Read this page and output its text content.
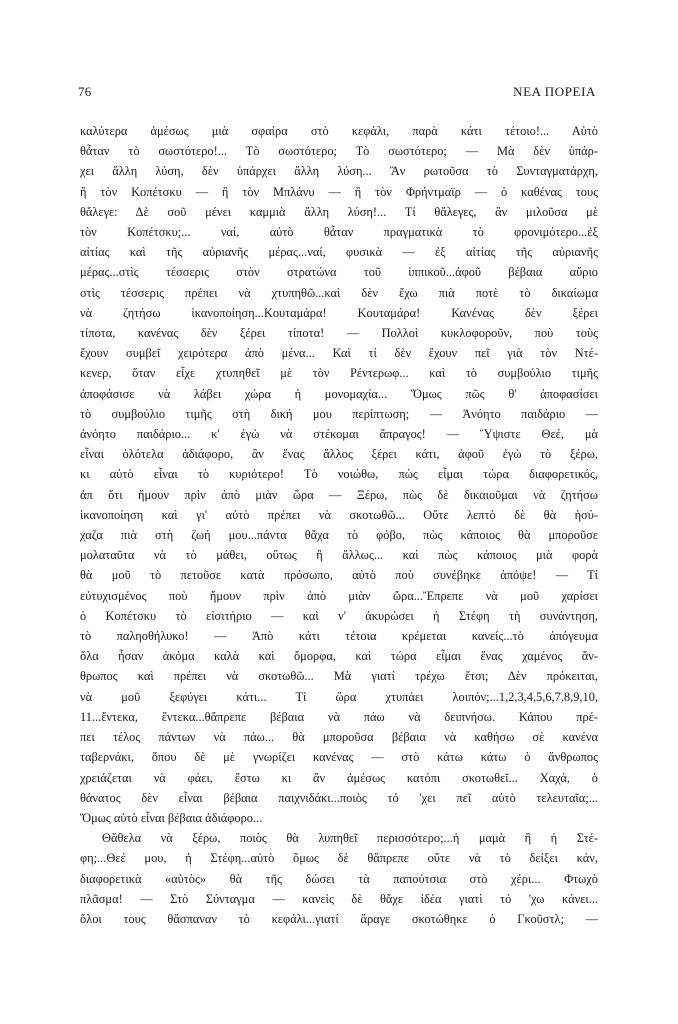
76	ΝΕΑ ΠΟΡΕΙΑ
καλύτερα ἀμέσως μιὰ σφαίρα στὸ κεφάλι, παρὰ κάτι τέτοιο!... Αὐτὸ
θἆταν τὸ σωστότερο!... Τὸ σωστότερο; Τὸ σωστότερο; — Μὰ δὲν ὑπάρ-
χει ἄλλη λύση, δὲν ὑπάρχει ἄλλη λύση... Ἂν ρωτοῦσα τὸ Συνταγματάρχη,
ἢ τὸν Κοπέτσκυ — ἢ τὸν Μπλάνυ — ἢ τὸν Φρήντμαϊρ — ὁ καθένας τους
θἄλεγε: Δὲ σοῦ μένει καμμιὰ ἄλλη λύση!... Τί θἄλεγες, ἂν μιλοῦσα μὲ
τὸν Κοπέτσκυ;... ναί, αὐτὸ θἆταν πραγματικὰ τὸ φρονιμότερο...ἐξ
αἰτίας καὶ τῆς αὐριανῆς μέρας...ναί, φυσικὰ — ἐξ αἰτίας τῆς αὐριανῆς
μέρας...στὶς τέσσερις στὸν στρατώνα τοῦ ἱππικοῦ...ἀφοῦ βέβαια αὔριο
στὶς τέσσερις πρέπει νὰ χτυπηθῶ...καὶ δὲν ἔχω πιὰ ποτὲ τὸ δικαίωμα
νὰ ζητήσω ἱκανοποίηση...Κουταμάρα! Κουταμάρα! Κανένας δὲν ξέρει
τίποτα, κανένας δὲν ξέρει τίποτα! — Πολλοὶ κυκλοφοροῦν, ποὺ τοὺς
ἔχουν συμβεῖ χειρότερα ἀπὸ μένα... Καὶ τί δὲν ἔχουν πεῖ γιὰ τὸν Ντέ-
κενερ, ὅταν εἶχε χτυπηθεῖ μὲ τὸν Ρέντερωφ... καὶ τὸ συμβούλιο τιμῆς
ἀποφάσισε νὰ λάβει χώρα ἡ μονομαχία... Ὅμως πῶς θ' ἀποφασίσει
τὸ συμβούλιο τιμῆς στὴ δική μου περίπτωση; — Ἀνόητο παιδάριο —
ἀνόητο παιδάριο... κ' ἐγὼ νὰ στέκομαι ἄπραγος! — Ὕψιστε Θεέ, μὰ
εἶναι ὁλότελα ἀδιάφορο, ἂν ἕνας ἄλλος ξέρει κάτι, ἀφοῦ ἐγὼ τὸ ξέρω,
κι αὐτὸ εἶναι τὸ κυριότερο! Τὸ νοιώθω, πὼς εἶμαι τώρα διαφορετικός,
ἀπ ὅτι ἤμουν πρὶν ἀπὸ μιὰν ὥρα — Ξέρω, πὼς δὲ δικαιοῦμαι νὰ ζητήσω
ἱκανοποίηση καὶ γι' αὐτὸ πρέπει νὰ σκοτωθῶ... Οὔτε λεπτὸ δὲ θὰ ἡσύ-
χαζα πιὰ στὴ ζωή μου...πάντα θἄχα τὸ φόβο, πὼς κάποιος θὰ μποροῦσε
μολαταῦτα νὰ τὸ μάθει, οὕτως ἢ ἄλλως... καὶ πὼς κάποιος μιὰ φορὰ
θὰ μοῦ τὸ πετοῦσε κατὰ πρόσωπο, αὐτὸ ποὺ συνέβηκε ἀπόψε! — Τί
εὐτυχισμένος ποὺ ἤμουν πρὶν ἀπὸ μιὰν ὥρα...Ἔπρεπε νὰ μοῦ χαρίσει
ὁ Κοπέτσκυ τὸ εἰσιτήριο — καὶ ν' ἀκυρώσει ἡ Στέφη τὴ συνάντηση,
τὸ παληοθήλυκο! — Ἀπὸ κάτι τέτοια κρέμεται κανείς...τὸ ἀπόγευμα
ὅλα ἦσαν ἀκόμα καλὰ καὶ ὄμορφα, καὶ τώρα εἶμαι ἕνας χαμένος ἄν-
θρωπος καὶ πρέπει νὰ σκοτωθῶ... Μὰ γιατί τρέχω ἔτσι; Δὲν πρόκειται,
νὰ μοῦ ξεφύγει κάτι... Τί ὥρα χτυπάει λοιπόν;...1,2,3,4,5,6,7,8,9,10,
11...ἔντεκα, ἔντεκα...θἄπρεπε βέβαια νὰ πάω νὰ δειπνήσω. Κάπου πρέ-
πει τέλος πάντων νὰ πάω... θὰ μποροῦσα βέβαια νὰ καθήσω σὲ κανένα
ταβερνάκι, ὅπου δὲ μὲ γνωρίζει κανένας — στὸ κάτω κάτω ὁ ἄνθρωπος
χρειάζεται νὰ φάει, ἔστω κι ἂν ἀμέσως κατόπι σκοτωθεῖ... Χαχά, ὁ
θάνατος δὲν εἶναι βέβαια παιχνιδάκι...ποιὸς τό 'χει πεῖ αὐτὸ τελευταῖα;...
Ὅμως αὐτὸ εἶναι βέβαια ἀδιάφορο...
Θἄθελα νὰ ξέρω, ποιὸς θὰ λυπηθεῖ περισσότερο;...ἡ μαμὰ ἢ ἡ Στέ-
φη;...Θεέ μου, ἡ Στέφη...αὐτὸ ὅμως δὲ θἄπρεπε οὔτε νὰ τὸ δείξει κάν,
διαφορετικὰ «αὐτὸς» θὰ τῆς δώσει τὰ παπούτσια στὸ χέρι... Φτωχὸ
πλᾶσμα! — Στὸ Σύνταγμα — κανεὶς δὲ θἄχε ἰδέα γιατὶ τό 'χω κάνει...
ὅλοι τους θἄσπαναν τὸ κεφάλι...γιατί ἄραγε σκοτώθηκε ὁ Γκοῦστλ; —
